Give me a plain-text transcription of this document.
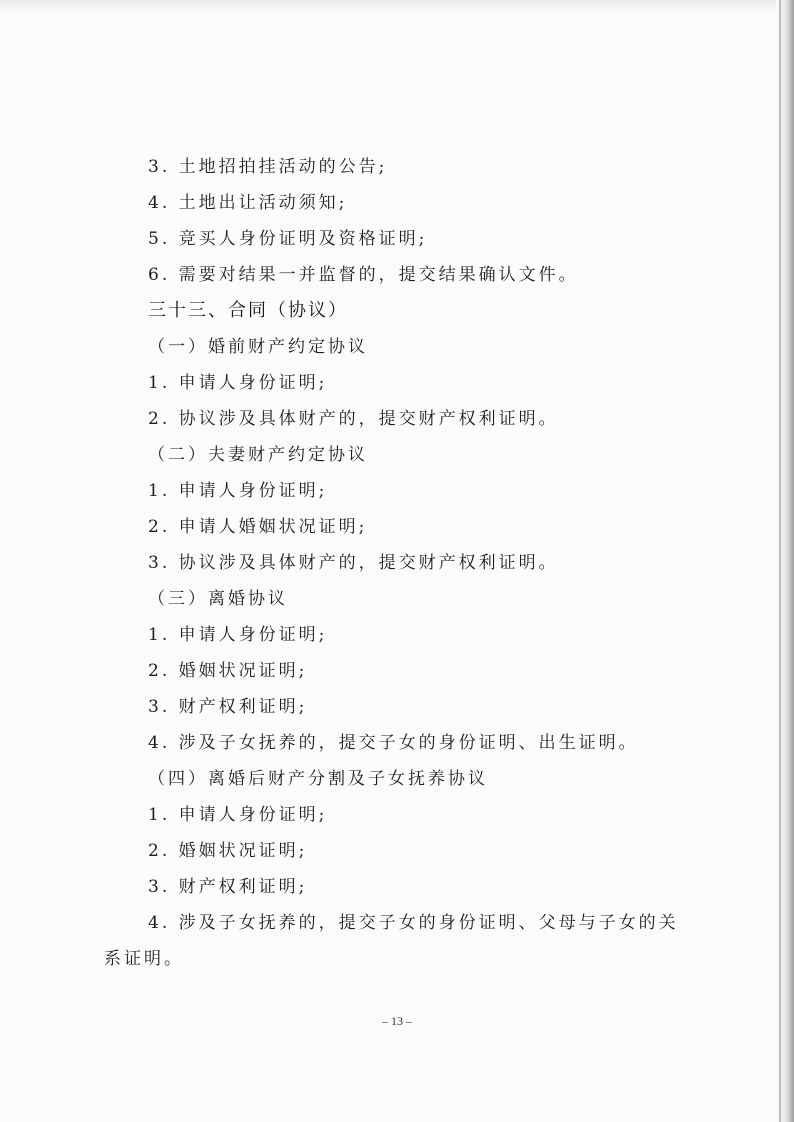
3. 土地招拍挂活动的公告;
4. 土地出让活动须知;
5. 竞买人身份证明及资格证明;
6. 需要对结果一并监督的，提交结果确认文件。
三十三、合同（协议）
（一）婚前财产约定协议
1. 申请人身份证明;
2. 协议涉及具体财产的，提交财产权利证明。
（二）夫妻财产约定协议
1. 申请人身份证明;
2. 申请人婚姻状况证明;
3. 协议涉及具体财产的，提交财产权利证明。
（三）离婚协议
1. 申请人身份证明;
2. 婚姻状况证明;
3. 财产权利证明;
4. 涉及子女抚养的，提交子女的身份证明、出生证明。
（四）离婚后财产分割及子女抚养协议
1. 申请人身份证明;
2. 婚姻状况证明;
3. 财产权利证明;
4. 涉及子女抚养的，提交子女的身份证明、父母与子女的关
系证明。
– 13 –
